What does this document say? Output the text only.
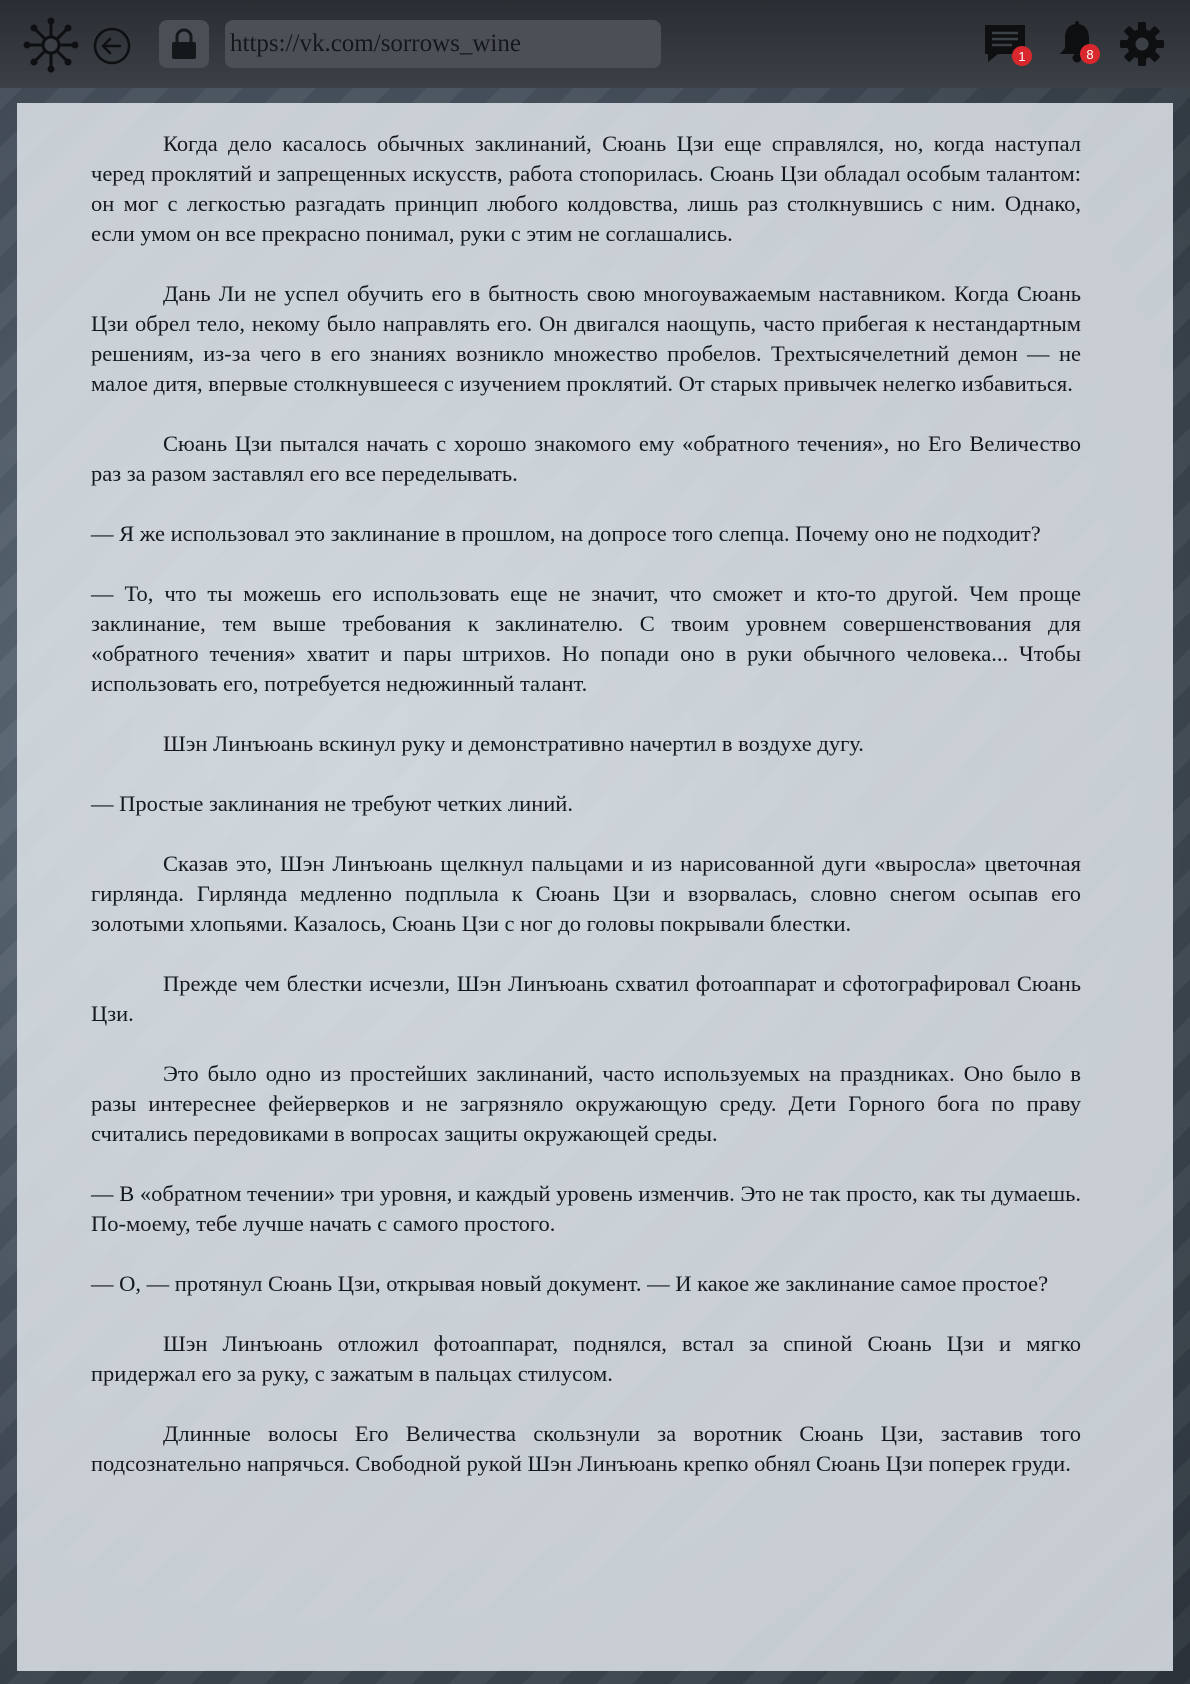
https://vk.com/sorrows_wine	1	8

Когда дело касалось обычных заклинаний, Сюань Цзи еще справлялся, но, когда наступал черед проклятий и запрещенных искусств, работа стопорилась. Сюань Цзи обладал особым талантом: он мог с легкостью разгадать принцип любого колдовства, лишь раз столкнувшись с ним. Однако, если умом он все прекрасно понимал, руки с этим не соглашались.

Дань Ли не успел обучить его в бытность свою многоуважаемым наставником. Когда Сюань Цзи обрел тело, некому было направлять его. Он двигался наощупь, часто прибегая к нестандартным решениям, из-за чего в его знаниях возникло множество пробелов. Трехтысячелетний демон — не малое дитя, впервые столкнувшееся с изучением проклятий. От старых привычек нелегко избавиться.

Сюань Цзи пытался начать с хорошо знакомого ему «обратного течения», но Его Величество раз за разом заставлял его все переделывать.

— Я же использовал это заклинание в прошлом, на допросе того слепца. Почему оно не подходит?

— То, что ты можешь его использовать еще не значит, что сможет и кто-то другой. Чем проще заклинание, тем выше требования к заклинателю. С твоим уровнем совершенствования для «обратного течения» хватит и пары штрихов. Но попади оно в руки обычного человека... Чтобы использовать его, потребуется недюжинный талант.

Шэн Линъюань вскинул руку и демонстративно начертил в воздухе дугу.

— Простые заклинания не требуют четких линий.

Сказав это, Шэн Линъюань щелкнул пальцами и из нарисованной дуги «выросла» цветочная гирлянда. Гирлянда медленно подплыла к Сюань Цзи и взорвалась, словно снегом осыпав его золотыми хлопьями. Казалось, Сюань Цзи с ног до головы покрывали блестки.

Прежде чем блестки исчезли, Шэн Линъюань схватил фотоаппарат и сфотографировал Сюань Цзи.

Это было одно из простейших заклинаний, часто используемых на праздниках. Оно было в разы интереснее фейерверков и не загрязняло окружающую среду. Дети Горного бога по праву считались передовиками в вопросах защиты окружающей среды.

— В «обратном течении» три уровня, и каждый уровень изменчив. Это не так просто, как ты думаешь. По-моему, тебе лучше начать с самого простого.

— О, — протянул Сюань Цзи, открывая новый документ. — И какое же заклинание самое простое?

Шэн Линъюань отложил фотоаппарат, поднялся, встал за спиной Сюань Цзи и мягко придержал его за руку, с зажатым в пальцах стилусом.

Длинные волосы Его Величества скользнули за воротник Сюань Цзи, заставив того подсознательно напрячься. Свободной рукой Шэн Линъюань крепко обнял Сюань Цзи поперек груди.
